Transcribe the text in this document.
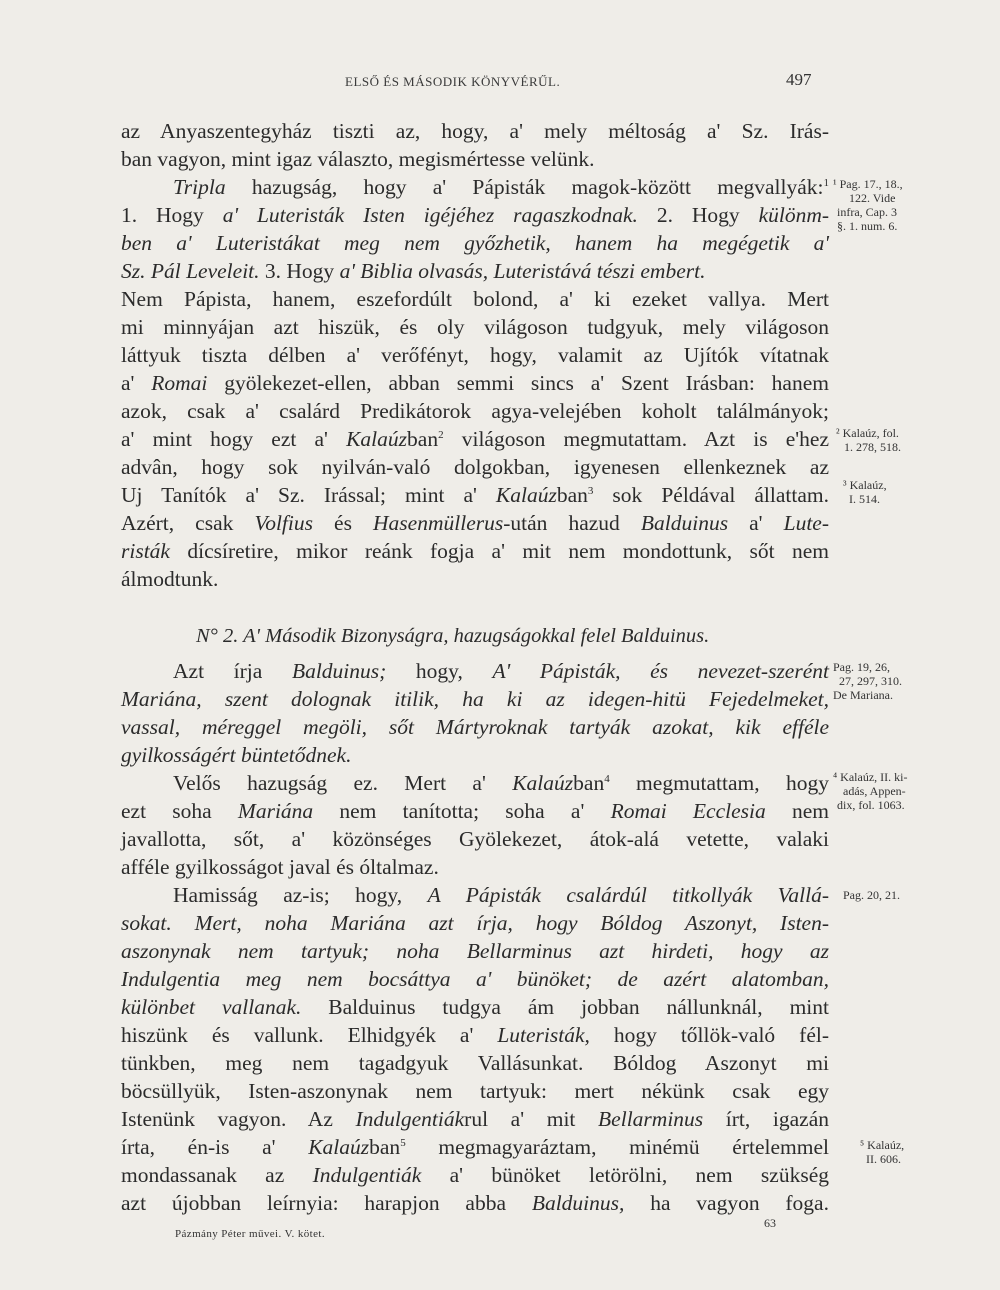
ELSŐ ÉS MÁSODIK KÖNYVÉRŰL.	497
az Anyaszentegyház tiszti az, hogy, a' mely méltoság a' Sz. Irás-
ban vagyon, mint igaz választo, megismértesse velünk.
Tripla hazugság, hogy a' Pápisták magok-között megvallyák:$^1$
1. Hogy a' Luteristák Isten igéjéhez ragaszkodnak. 2. Hogy különm-
ben a' Luteristákat meg nem győzhetik, hanem ha megégetik a'
Sz. Pál Leveleit. 3. Hogy a' Biblia olvasás, Luteristává tészi embert.
Nem Pápista, hanem, eszefordúlt bolond, a' ki ezeket vallya. Mert
mi minnyájan azt hiszük, és oly világoson tudgyuk, mely világoson
láttyuk tiszta délben a' verőfényt, hogy, valamit az Ujítók vítatnak
a' Romai gyölekezet-ellen, abban semmi sincs a' Szent Irásban: hanem
azok, csak a' csalárd Predikátorok agya-velejében koholt találmányok;
a' mint hogy ezt a' Kalaúzban$^2$ világoson megmutattam. Azt is e'hez
advân, hogy sok nyilván-való dolgokban, igyenesen ellenkeznek az
Uj Tanítók a' Sz. Irással; mint a' Kalaúzban$^3$ sok Példával állattam.
Azért, csak Volfius és Hasenmüllerus-után hazud Balduinus a' Lute-
risták dícsíretire, mikor reánk fogja a' mit nem mondottunk, sőt nem
álmodtunk.
N° 2. A' Második Bizonyságra, hazugságokkal felel Balduinus.
Azt írja Balduinus; hogy, A' Pápisták, és nevezet-szerént
Mariána, szent dolognak itilik, ha ki az idegen-hitü Fejedelmeket,
vassal, méreggel megöli, sőt Mártyroknak tartyák azokat, kik efféle
gyilkosságért büntetődnek.
Velős hazugság ez. Mert a' Kalaúzban$^4$ megmutattam, hogy
ezt soha Mariána nem tanította; soha a' Romai Ecclesia nem
javallotta, sőt, a' közönséges Gyölekezet, átok-alá vetette, valaki
afféle gyilkosságot javal és óltalmaz.
Hamisság az-is; hogy, A Pápisták csalárdúl titkollyák Vallá-
sokat. Mert, noha Mariána azt írja, hogy Bóldog Aszonyt, Isten-
aszonynak nem tartyuk; noha Bellarminus azt hirdeti, hogy az
Indulgentia meg nem bocsáttya a' bünöket; de azért alatomban,
különbet vallanak. Balduinus tudgya ám jobban nállunknál, mint
hiszünk és vallunk. Elhidgyék a' Luteristák, hogy tőllök-való fél-
tünkben, meg nem tagadgyuk Vallásunkat. Bóldog Aszonyt mi
böcsüllyük, Isten-aszonynak nem tartyuk: mert nékünk csak egy
Istenünk vagyon. Az Indulgentiákrul a' mit Bellarminus írt, igazán
írta, én-is a' Kalaúzban$^5$ megmagyaráztam, minémü értelemmel
mondassanak az Indulgentiák a' bünöket letörölni, nem szükség
¹ Pag. 17., 18.,
122. Vide
infra, Cap. 3
§. 1. num. 6.
² Kalaúz, fol.
1. 278, 518.
³ Kalaúz,
I. 514.
Pag. 19, 26,
27, 297, 310.
De Mariana.
⁴ Kalaúz, II. ki-
adás, Appen-
dix, fol. 1063.
Pag. 20, 21.
⁵ Kalaúz,
II. 606.
azt újobban leírnyia: harapjon abba Balduinus, ha vagyon foga.
63
Pázmány Péter művei. V. kötet.
